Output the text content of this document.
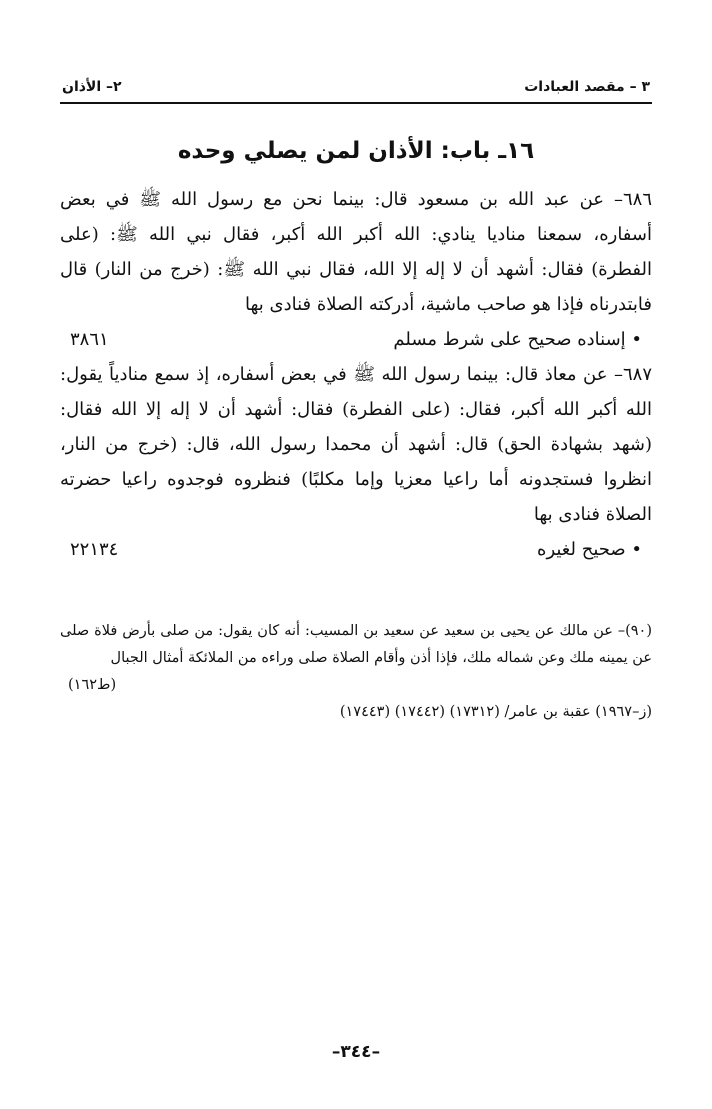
٣ – مقصد العبادات
٢– الأذان
١٦ـ باب: الأذان لمن يصلي وحده

٦٨٦– عن عبد الله بن مسعود قال: بينما نحن مع رسول الله ﷺ في بعض أسفاره، سمعنا مناديا ينادي: الله أكبر الله أكبر، فقال نبي الله ﷺ: (على الفطرة) فقال: أشهد أن لا إله إلا الله، فقال نبي الله ﷺ: (خرج من النار) قال فابتدرناه فإذا هو صاحب ماشية، أدركته الصلاة فنادى بها

• إسناده صحيح على شرط مسلم
٣٨٦١

٦٨٧– عن معاذ قال: بينما رسول الله ﷺ في بعض أسفاره، إذ سمع منادياً يقول: الله أكبر الله أكبر، فقال: (على الفطرة) فقال: أشهد أن لا إله إلا الله فقال: (شهد بشهادة الحق) قال: أشهد أن محمدا رسول الله، قال: (خرج من النار، انظروا فستجدونه أما راعيا معزيا وإما مكلبًا) فنظروه فوجدوه راعيا حضرته الصلاة فنادى بها

• صحيح لغيره
٢٢١٣٤

(٩٠)– عن مالك عن يحيى بن سعيد عن سعيد بن المسيب: أنه كان يقول: من صلى بأرض فلاة صلى عن يمينه ملك وعن شماله ملك، فإذا أذن وأقام الصلاة صلى وراءه من الملائكة أمثال الجبال

(ط١٦٢)

(ز–١٩٦٧) عقبة بن عامر/ (١٧٣١٢) (١٧٤٤٢) (١٧٤٤٣)

–٣٤٤–
